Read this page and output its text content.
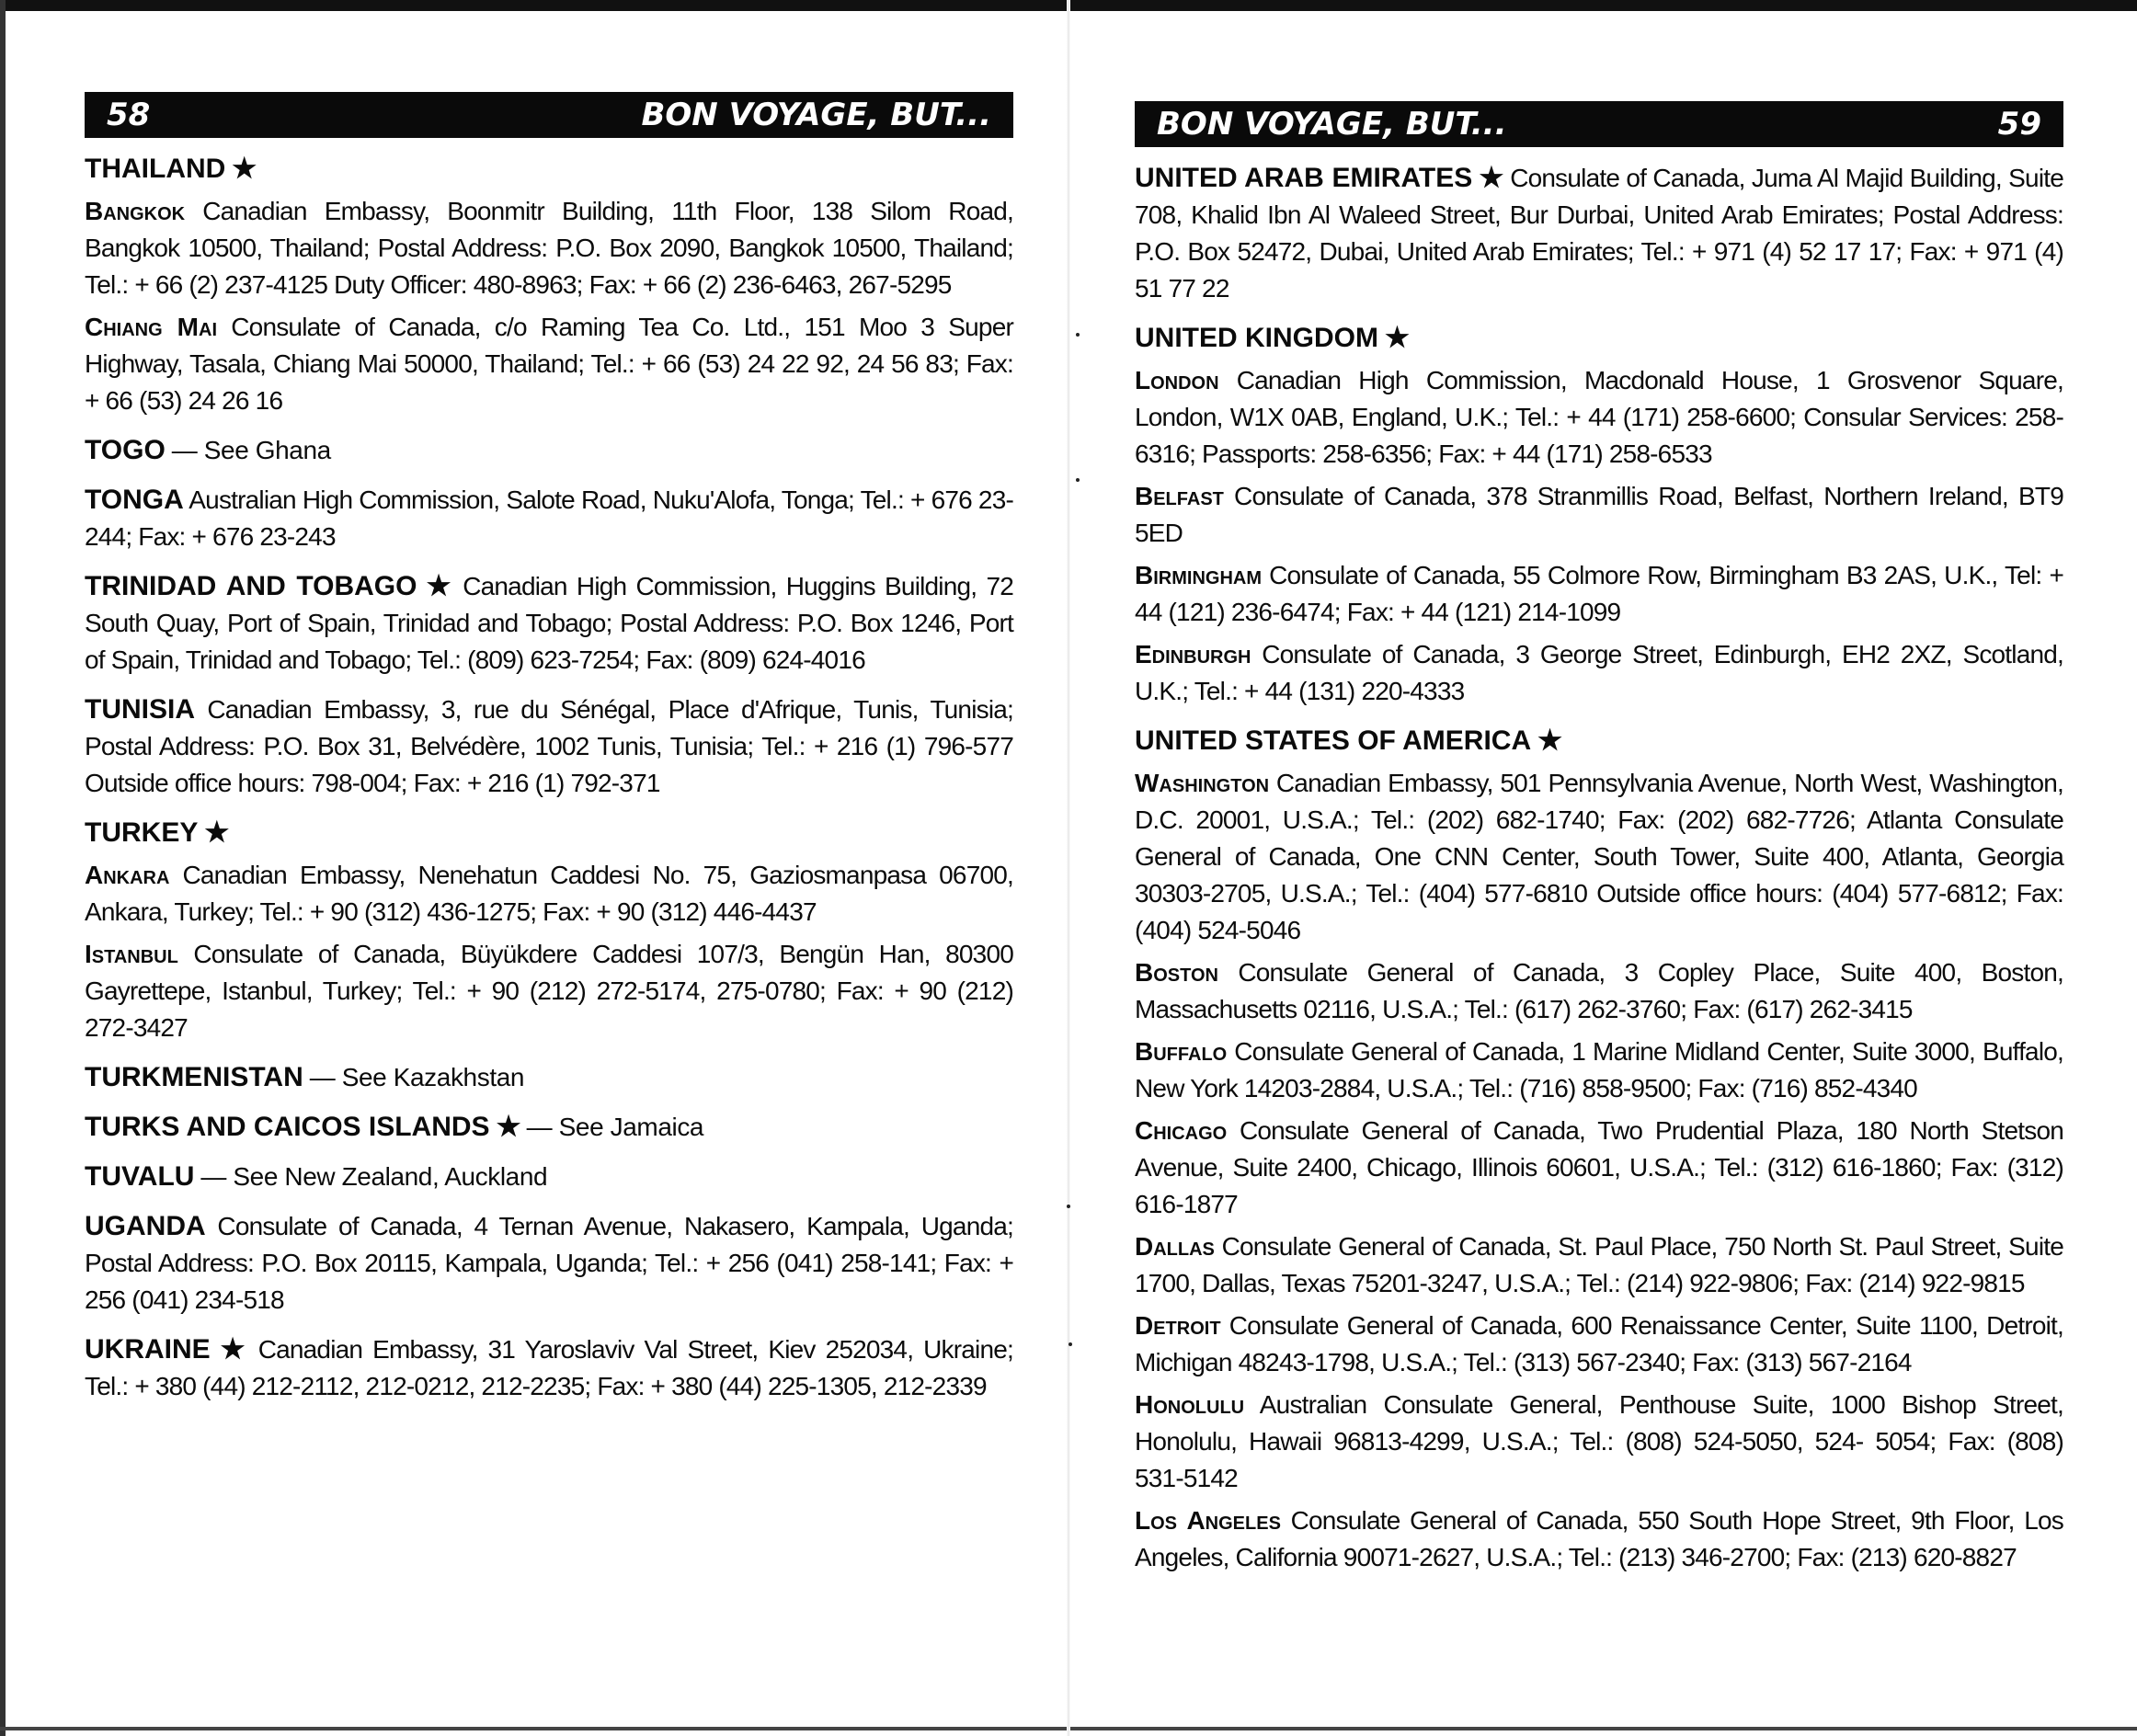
58	BON VOYAGE, BUT...
THAILAND ★
Bangkok Canadian Embassy, Boonmitr Building, 11th Floor, 138 Silom Road, Bangkok 10500, Thailand; Postal Address: P.O. Box 2090, Bangkok 10500, Thailand; Tel.: + 66 (2) 237-4125 Duty Officer: 480-8963; Fax: + 66 (2) 236-6463, 267-5295
Chiang Mai Consulate of Canada, c/o Raming Tea Co. Ltd., 151 Moo 3 Super Highway, Tasala, Chiang Mai 50000, Thailand; Tel.: + 66 (53) 24 22 92, 24 56 83; Fax: + 66 (53) 24 26 16
TOGO — See Ghana
TONGA Australian High Commission, Salote Road, Nuku'Alofa, Tonga; Tel.: + 676 23-244; Fax: + 676 23-243
TRINIDAD AND TOBAGO ★ Canadian High Commission, Huggins Building, 72 South Quay, Port of Spain, Trinidad and Tobago; Postal Address: P.O. Box 1246, Port of Spain, Trinidad and Tobago; Tel.: (809) 623-7254; Fax: (809) 624-4016
TUNISIA Canadian Embassy, 3, rue du Sénégal, Place d'Afrique, Tunis, Tunisia; Postal Address: P.O. Box 31, Belvédère, 1002 Tunis, Tunisia; Tel.: + 216 (1) 796-577 Outside office hours: 798-004; Fax: + 216 (1) 792-371
TURKEY ★
Ankara Canadian Embassy, Nenehatun Caddesi No. 75, Gaziosmanpasa 06700, Ankara, Turkey; Tel.: + 90 (312) 436-1275; Fax: + 90 (312) 446-4437
Istanbul Consulate of Canada, Büyükdere Caddesi 107/3, Bengün Han, 80300 Gayrettepe, Istanbul, Turkey; Tel.: + 90 (212) 272-5174, 275-0780; Fax: + 90 (212) 272-3427
TURKMENISTAN — See Kazakhstan
TURKS AND CAICOS ISLANDS ★ — See Jamaica
TUVALU — See New Zealand, Auckland
UGANDA Consulate of Canada, 4 Ternan Avenue, Nakasero, Kampala, Uganda; Postal Address: P.O. Box 20115, Kampala, Uganda; Tel.: + 256 (041) 258-141; Fax: + 256 (041) 234-518
UKRAINE ★ Canadian Embassy, 31 Yaroslaviv Val Street, Kiev 252034, Ukraine; Tel.: + 380 (44) 212-2112, 212-0212, 212-2235; Fax: + 380 (44) 225-1305, 212-2339
BON VOYAGE, BUT...	59
UNITED ARAB EMIRATES ★ Consulate of Canada, Juma Al Majid Building, Suite 708, Khalid Ibn Al Waleed Street, Bur Durbai, United Arab Emirates; Postal Address: P.O. Box 52472, Dubai, United Arab Emirates; Tel.: + 971 (4) 52 17 17; Fax: + 971 (4) 51 77 22
UNITED KINGDOM ★
London Canadian High Commission, Macdonald House, 1 Grosvenor Square, London, W1X 0AB, England, U.K.; Tel.: + 44 (171) 258-6600; Consular Services: 258-6316; Passports: 258-6356; Fax: + 44 (171) 258-6533
Belfast Consulate of Canada, 378 Stranmillis Road, Belfast, Northern Ireland, BT9 5ED
Birmingham Consulate of Canada, 55 Colmore Row, Birmingham B3 2AS, U.K., Tel: + 44 (121) 236-6474; Fax: + 44 (121) 214-1099
Edinburgh Consulate of Canada, 3 George Street, Edinburgh, EH2 2XZ, Scotland, U.K.; Tel.: + 44 (131) 220-4333
UNITED STATES OF AMERICA ★
Washington Canadian Embassy, 501 Pennsylvania Avenue, North West, Washington, D.C. 20001, U.S.A.; Tel.: (202) 682-1740; Fax: (202) 682-7726; Atlanta Consulate General of Canada, One CNN Center, South Tower, Suite 400, Atlanta, Georgia 30303-2705, U.S.A.; Tel.: (404) 577-6810 Outside office hours: (404) 577-6812; Fax: (404) 524-5046
Boston Consulate General of Canada, 3 Copley Place, Suite 400, Boston, Massachusetts 02116, U.S.A.; Tel.: (617) 262-3760; Fax: (617) 262-3415
Buffalo Consulate General of Canada, 1 Marine Midland Center, Suite 3000, Buffalo, New York 14203-2884, U.S.A.; Tel.: (716) 858-9500; Fax: (716) 852-4340
Chicago Consulate General of Canada, Two Prudential Plaza, 180 North Stetson Avenue, Suite 2400, Chicago, Illinois 60601, U.S.A.; Tel.: (312) 616-1860; Fax: (312) 616-1877
Dallas Consulate General of Canada, St. Paul Place, 750 North St. Paul Street, Suite 1700, Dallas, Texas 75201-3247, U.S.A.; Tel.: (214) 922-9806; Fax: (214) 922-9815
Detroit Consulate General of Canada, 600 Renaissance Center, Suite 1100, Detroit, Michigan 48243-1798, U.S.A.; Tel.: (313) 567-2340; Fax: (313) 567-2164
Honolulu Australian Consulate General, Penthouse Suite, 1000 Bishop Street, Honolulu, Hawaii 96813-4299, U.S.A.; Tel.: (808) 524-5050, 524- 5054; Fax: (808) 531-5142
Los Angeles Consulate General of Canada, 550 South Hope Street, 9th Floor, Los Angeles, California 90071-2627, U.S.A.; Tel.: (213) 346-2700; Fax: (213) 620-8827
